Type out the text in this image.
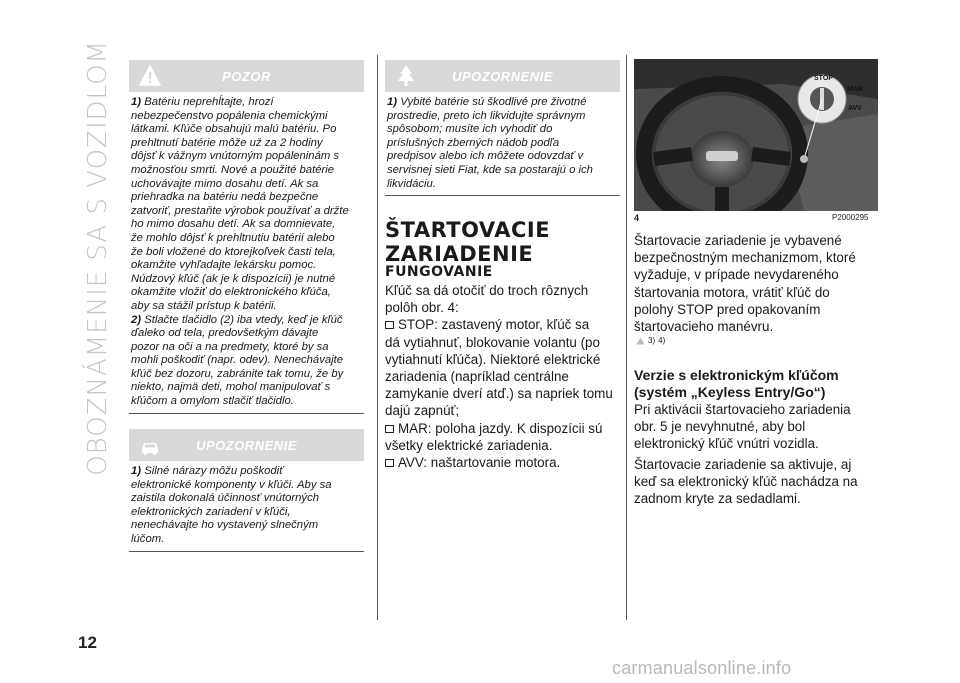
OBOZNÁMENIE SA S VOZIDLOM
12
POZOR
1) Batériu neprehĺtajte, hrozí
nebezpečenstvo popálenia chemickými
látkami. Kľúče obsahujú malú batériu. Po
prehltnutí batérie môže už za 2 hodiny
dôjsť k vážnym vnútorným popáleninám s
možnosťou smrti. Nové a použité batérie
uchovávajte mimo dosahu detí. Ak sa
priehradka na batériu nedá bezpečne
zatvoriť, prestaňte výrobok používať a držte
ho mimo dosahu detí. Ak sa domnievate,
že mohlo dôjsť k prehltnutiu batérií alebo
že boli vložené do ktorejkoľvek časti tela,
okamžite vyhľadajte lekársku pomoc.
Núdzový kľúč (ak je k dispozícii) je nutné
okamžite vložiť do elektronického kľúča,
aby sa stážil prístup k batérii.
2) Stlačte tlačidlo (2) iba vtedy, keď je kľúč
ďaleko od tela, predovšetkým dávajte
pozor na oči a na predmety, ktoré by sa
mohli poškodiť (napr. odev). Nenechávajte
kľúč bez dozoru, zabránite tak tomu, že by
niekto, najmä deti, mohol manipulovať s
kľúčom a omylom stlačiť tlačidlo.
UPOZORNENIE
1) Silné nárazy môžu poškodiť
elektronické komponenty v kľúči. Aby sa
zaistila dokonalá účinnosť vnútorných
elektronických zariadení v kľúči,
nenechávajte ho vystavený slnečným
lúčom.
UPOZORNENIE
1) Vybité batérie sú škodlivé pre životné
prostredie, preto ich likvidujte správnym
spôsobom; musíte ich vyhodiť do
príslušných zberných nádob podľa
predpisov alebo ich môžete odovzdať v
servisnej sieti Fiat, kde sa postarajú o ich
likvidáciu.
ŠTARTOVACIE
ZARIADENIE
FUNGOVANIE
Kľúč sa dá otočiť do troch rôznych
polôh obr. 4:
STOP: zastavený motor, kľúč sa
dá vytiahnuť, blokovanie volantu (po
vytiahnutí kľúča). Niektoré elektrické
zariadenia (napríklad centrálne
zamykanie dverí atď.) sa napriek tomu
dajú zapnúť;
MAR: poloha jazdy. K dispozícii sú
všetky elektrické zariadenia.
AVV: naštartovanie motora.
STOP
MAR
AVV
4	P2000295
Štartovacie zariadenie je vybavené
bezpečnostným mechanizmom, ktoré
vyžaduje, v prípade nevydareného
štartovania motora, vrátiť kľúč do
polohy STOP pred opakovaním
štartovacieho manévru.
3) 4)
Verzie s elektronickým kľúčom
(systém „Keyless Entry/Go“)
Pri aktivácii štartovacieho zariadenia
obr. 5 je nevyhnutné, aby bol
elektronický kľúč vnútri vozidla.
Štartovacie zariadenie sa aktivuje, aj
keď sa elektronický kľúč nachádza na
zadnom kryte za sedadlami.
carmanualsonline.info
